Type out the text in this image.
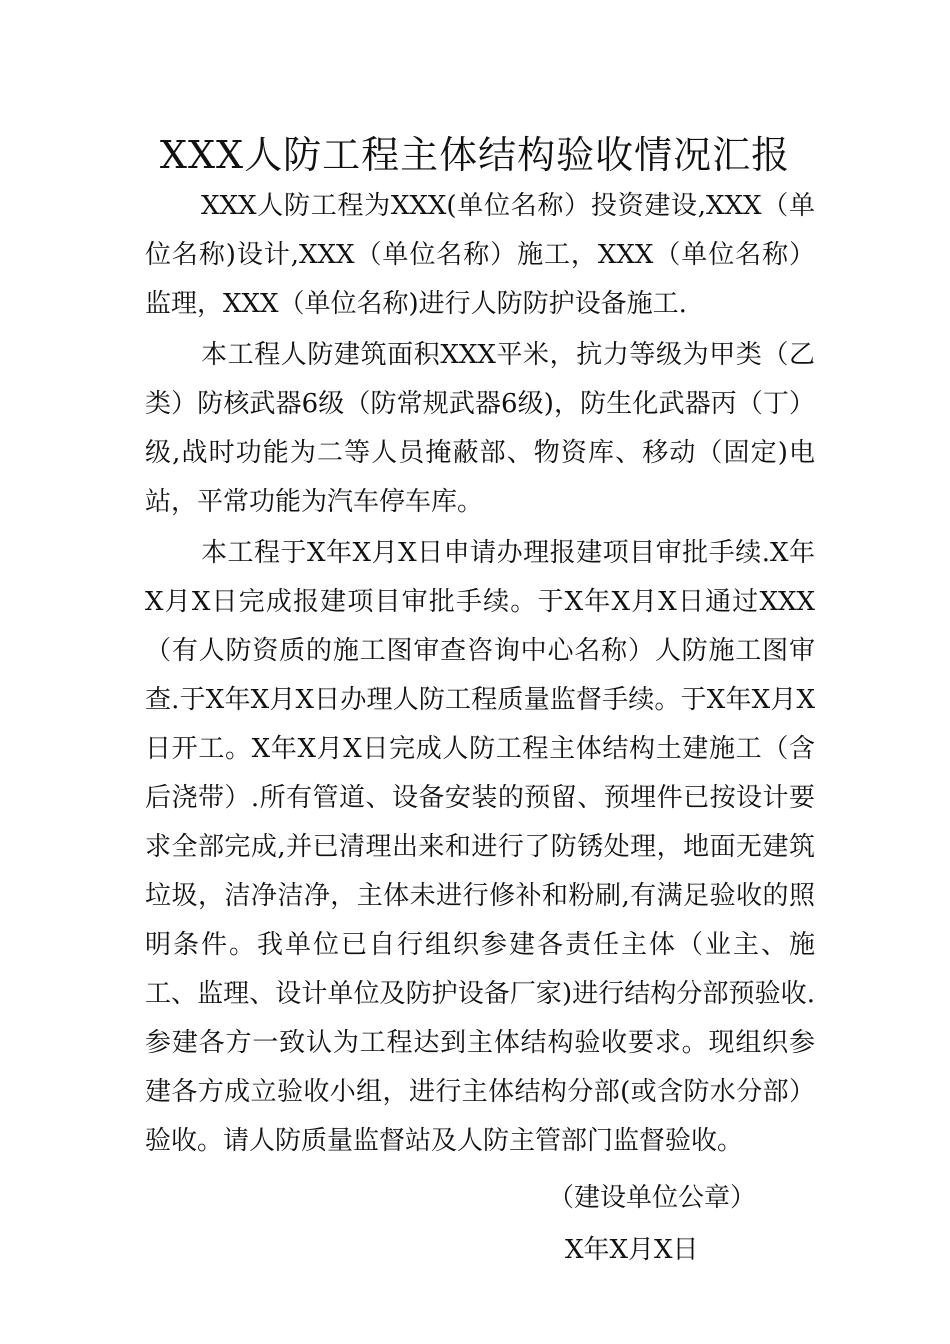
XXX人防工程主体结构验收情况汇报

XXX人防工程为XXX(单位名称）投资建设,XXX（单位名称)设计,XXX（单位名称）施工，XXX（单位名称）监理，XXX（单位名称)进行人防防护设备施工.

本工程人防建筑面积XXX平米，抗力等级为甲类（乙类）防核武器6级（防常规武器6级)，防生化武器丙（丁）级,战时功能为二等人员掩蔽部、物资库、移动（固定)电站，平常功能为汽车停车库。

本工程于X年X月X日申请办理报建项目审批手续.X年X月X日完成报建项目审批手续。于X年X月X日通过XXX（有人防资质的施工图审查咨询中心名称）人防施工图审查.于X年X月X日办理人防工程质量监督手续。于X年X月X日开工。X年X月X日完成人防工程主体结构土建施工（含后浇带）.所有管道、设备安装的预留、预埋件已按设计要求全部完成,并已清理出来和进行了防锈处理，地面无建筑垃圾，洁净洁净，主体未进行修补和粉刷,有满足验收的照明条件。我单位已自行组织参建各责任主体（业主、施工、监理、设计单位及防护设备厂家)进行结构分部预验收.参建各方一致认为工程达到主体结构验收要求。现组织参建各方成立验收小组，进行主体结构分部(或含防水分部）验收。请人防质量监督站及人防主管部门监督验收。

（建设单位公章）

X年X月X日
